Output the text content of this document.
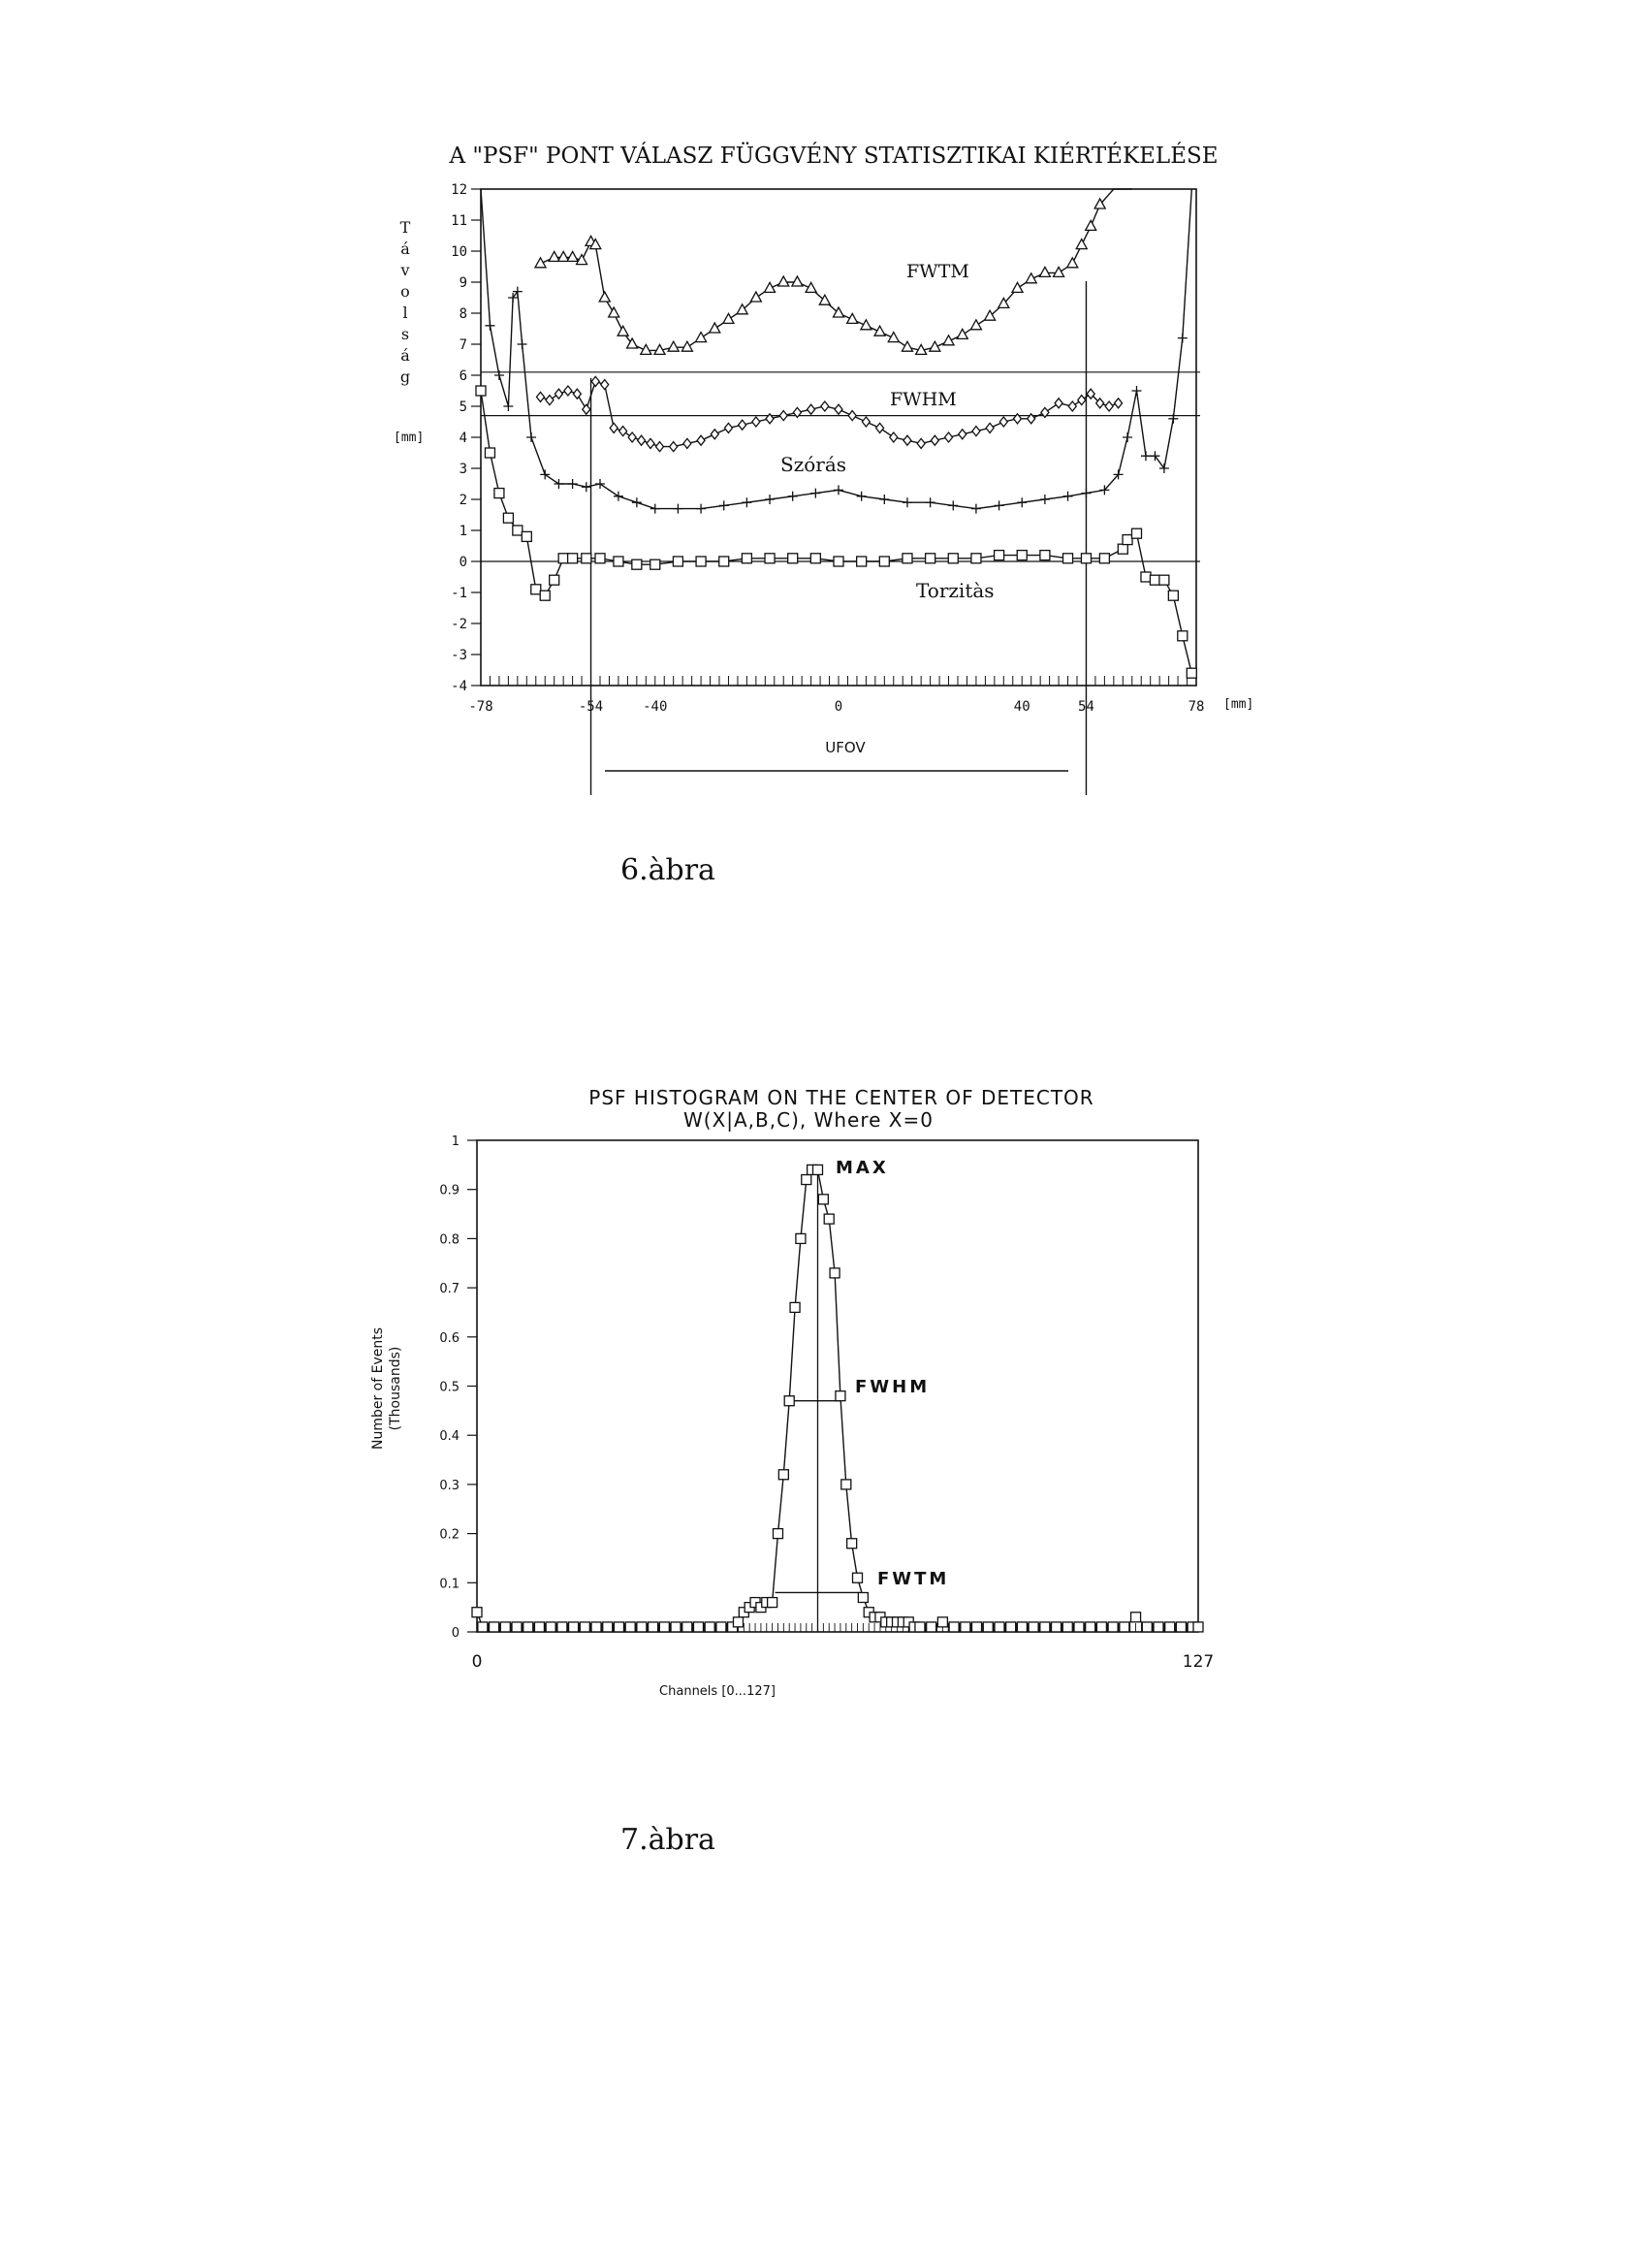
A "PSF" PONT VÁLASZ FÜGGVÉNY STATISZTIKAI KIÉRTÉKELÉSE
T
á
v
o
l
s
á
g
[mm]
[mm]
12
11
10
9
8
7
6
5
4
3
2
1
0
-1
-2
-3
-4
-78	-54	-40	0	40	54	78
UFOV
FWTM
FWHM
Szórás
Torzitàs
PSF HISTOGRAM ON THE CENTER OF DETECTOR
W(X|A,B,C), Where X=0
Number of Events (Thousands)
Channels [0...127]
1
0.9
0.8
0.7
0.6
0.5
0.4
0.3
0.2
0.1
0
0	127
MAX
FWHM
FWTM
6.àbra
7.àbra
